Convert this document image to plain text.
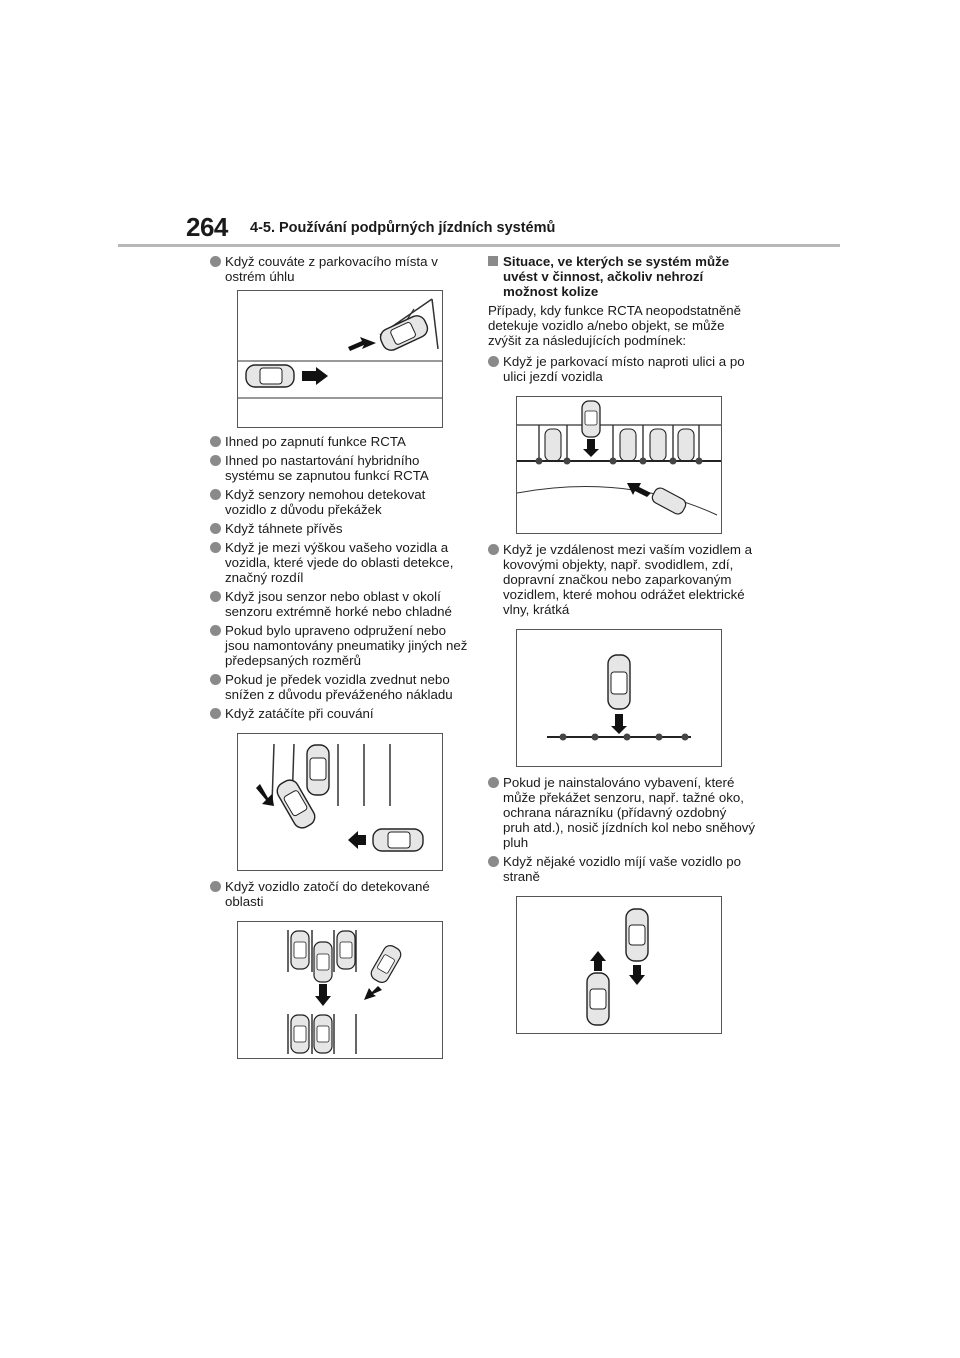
264 4-5. Používání podpůrných jízdních systémů

Když couváte z parkovacího místa v ostrém úhlu

Ihned po zapnutí funkce RCTA

Ihned po nastartování hybridního systému se zapnutou funkcí RCTA

Když senzory nemohou detekovat vozidlo z důvodu překážek

Když táhnete přívěs

Když je mezi výškou vašeho vozidla a vozidla, které vjede do oblasti detekce, značný rozdíl

Když jsou senzor nebo oblast v okolí senzoru extrémně horké nebo chladné

Pokud bylo upraveno odpružení nebo jsou namontovány pneumatiky jiných než předepsaných rozměrů

Pokud je předek vozidla zvednut nebo snížen z důvodu převáženého nákladu

Když zatáčíte při couvání

Když vozidlo zatočí do detekované oblasti

Situace, ve kterých se systém může uvést v činnost, ačkoliv nehrozí možnost kolize

Případy, kdy funkce RCTA neopodstatněně detekuje vozidlo a/nebo objekt, se může zvýšit za následujících podmínek:

Když je parkovací místo naproti ulici a po ulici jezdí vozidla

Když je vzdálenost mezi vaším vozidlem a kovovými objekty, např. svodidlem, zdí, dopravní značkou nebo zaparkovaným vozidlem, které mohou odrážet elektrické vlny, krátká

Pokud je nainstalováno vybavení, které může překážet senzoru, např. tažné oko, ochrana nárazníku (přídavný ozdobný pruh atd.), nosič jízdních kol nebo sněhový pluh

Když nějaké vozidlo míjí vaše vozidlo po straně
